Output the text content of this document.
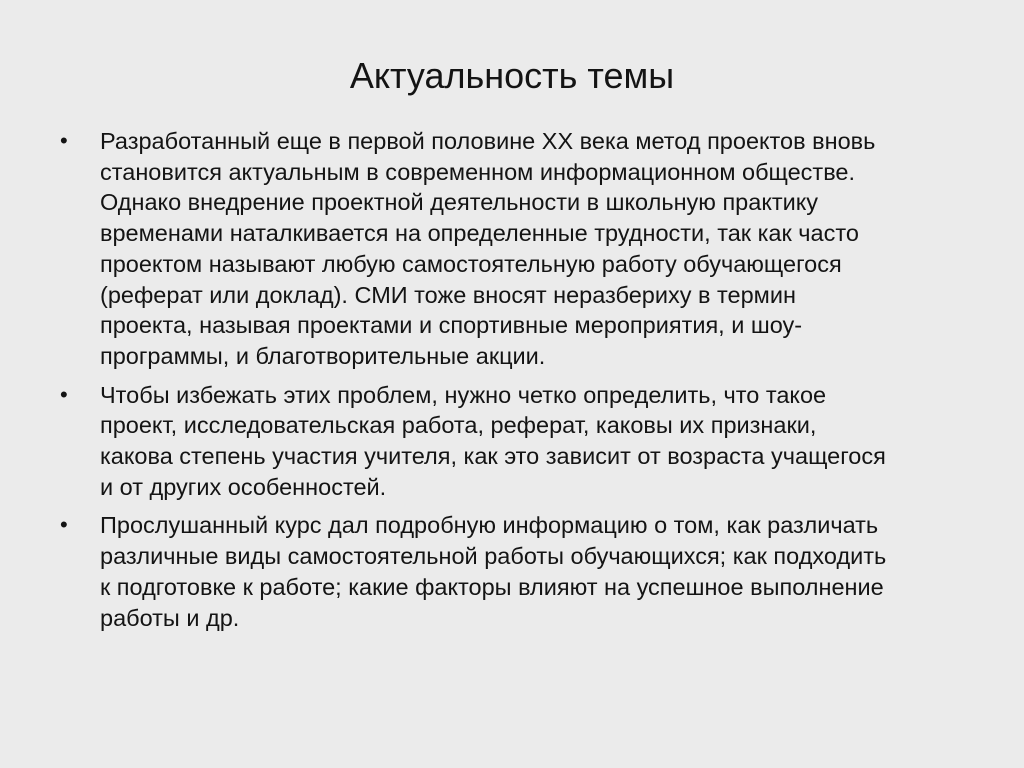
Актуальность темы
•	Разработанный еще в первой половине XX века метод проектов вновь
становится актуальным в современном информационном обществе.
Однако внедрение проектной деятельности в школьную практику
временами наталкивается на определенные трудности, так как часто
проектом называют любую самостоятельную работу обучающегося
(реферат или доклад). СМИ тоже вносят неразбериху в термин
проекта, называя проектами и спортивные мероприятия, и шоу-
программы, и благотворительные акции.
•	Чтобы избежать этих проблем, нужно четко определить, что такое
проект, исследовательская работа, реферат, каковы их признаки,
какова степень участия учителя, как это зависит от возраста учащегося
и от других особенностей.
•	Прослушанный курс дал подробную информацию о том, как различать
различные виды самостоятельной работы обучающихся; как подходить
к подготовке к работе; какие факторы влияют на успешное выполнение
работы и др.
